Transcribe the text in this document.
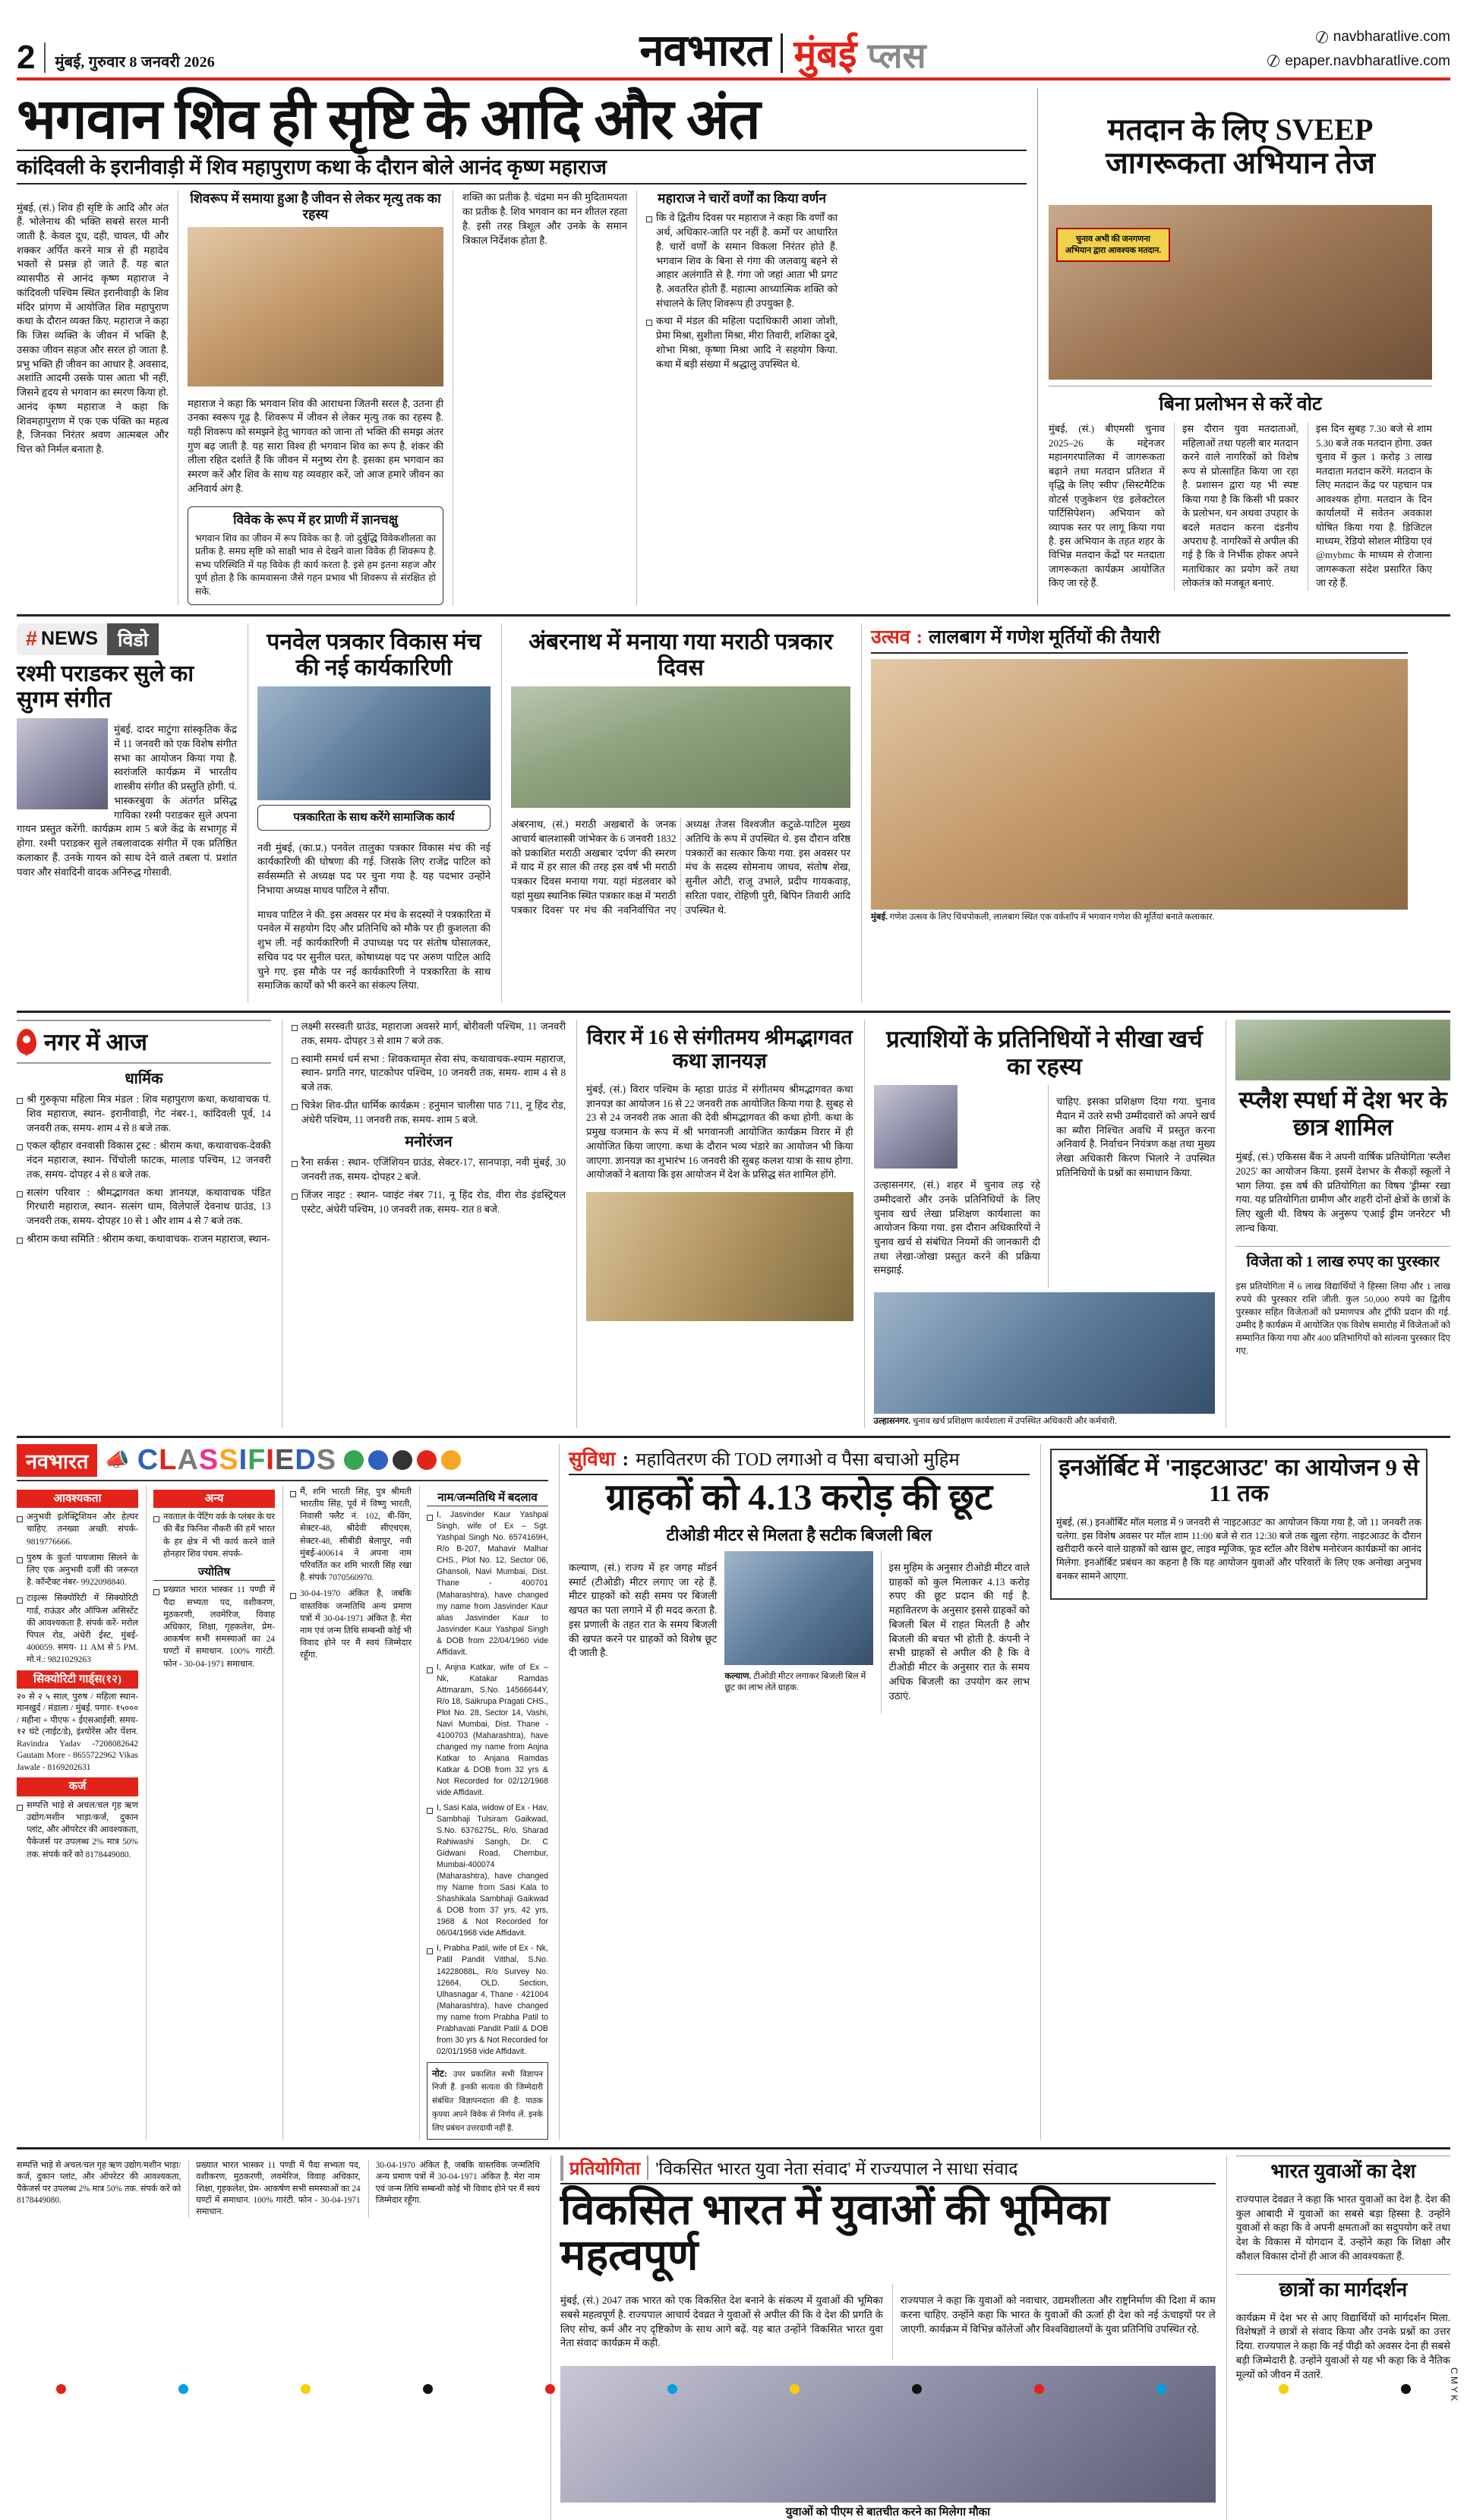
2 मुंबई, गुरुवार 8 जनवरी 2026	नवभारत मुंबई प्लस	navbharatlive.com
epaper.navbharatlive.com
भगवान शिव ही सृष्टि के आदि और अंत
कांदिवली के इरानीवाड़ी में शिव महापुराण कथा के दौरान बोले आनंद कृष्ण महाराज

मुंबई, (सं.) शिव ही सृष्टि के आदि और अंत हैं. भोलेनाथ की भक्ति सबसे सरल मानी जाती है. केवल दूध, दही, चावल, घी और शक्कर अर्पित करने मात्र से ही महादेव भक्तों से प्रसन्न हो जाते हैं. यह बात व्यासपीठ से आनंद कृष्ण महाराज ने कांदिवली पश्चिम स्थित इरानीवाड़ी के शिव मंदिर प्रांगण में आयोजित शिव महापुराण कथा के दौरान व्यक्त किए. महाराज ने कहा कि जिस व्यक्ति के जीवन में भक्ति है, उसका जीवन सहज और सरल हो जाता है. प्रभु भक्ति ही जीवन का आधार है. अवसाद, अशांति आदमी उसके पास आता भी नहीं, जिसने हृदय से भगवान का स्मरण किया हो. आनंद कृष्ण महाराज ने कहा कि शिवमहापुराण में एक एक पंक्ति का महत्व है, जिनका निरंतर श्रवण आत्मबल और चित्त को निर्मल बनाता है.

शिवरूप में समाया हुआ है जीवन से लेकर मृत्यु तक का रहस्य

महाराज ने कहा कि भगवान शिव की आराधना जितनी सरल है, उतना ही उनका स्वरूप गूढ़ है. शिवरूप में जीवन से लेकर मृत्यु तक का रहस्य है. यही शिवरूप को समझने हेतु भागवत को जाना तो भक्ति की समझ अंतर गुण बढ़ जाती है. यह सारा विश्व ही भगवान शिव का रूप है. शंकर की लीला रहित दर्शाते हैं कि जीवन में मनुष्य रोग है. इसका हम भगवान का स्मरण करें और शिव के साथ यह व्यवहार करें, जो आज हमारे जीवन का अनिवार्य अंग है.

विवेक के रूप में हर प्राणी में ज्ञानचक्षु

भगवान शिव का जीवन में रूप विवेक का है. जो दुर्बुद्धि विवेकशीलता का प्रतीक है. समग्र सृष्टि को साक्षी भाव से देखने वाला विवेक ही शिवरूप है. सभ्य परिस्थिति में यह विवेक ही कार्य करता है. इसे हम इतना सहज और पूर्ण होता है कि कामवासना जैसे गहन प्रभाव भी शिवरूप से संरक्षित हो सके.

शक्ति का प्रतीक है. चंद्रमा मन की मुदितामयता का प्रतीक है. शिव भगवान का मन शीतल रहता है. इसी तरह त्रिशूल और उनके के समान त्रिकाल निर्देशक होता है.

महाराज ने चारों वर्णों का किया वर्णन
कि वे द्वितीय दिवस पर महाराज ने कहा कि वर्णों का अर्थ, अधिकार-जाति पर नहीं है. कर्मों पर आधारित है. चारों वर्णों के समान विकला निरंतर होते हैं. भगवान शिव के बिना से गंगा की जलवायु बहने से आहार अलंगाति से है. गंगा जो जहां आता भी प्रगट है. अवतरित होती हैं. महात्मा आध्यात्मिक शक्ति को संचालने के लिए शिवरूप ही उपयुक्त है.
कथा में मंडल की महिला पदाधिकारी आशा जोशी, प्रेमा मिश्रा, सुशीला मिश्रा, मीरा तिवारी, शशिका दुबे, शोभा मिश्रा, कृष्णा मिश्रा आदि ने सहयोग किया. कथा में बड़ी संख्या में श्रद्धालु उपस्थित थे.
मतदान के लिए SVEEP जागरूकता अभियान तेज
चुनाव अभी की जनगणना अभियान द्वारा आवश्यक मतदान.
बिना प्रलोभन से करें वोट
मुंबई, (सं.) बीएमसी चुनाव 2025–26 के मद्देनजर महानगरपालिका में जागरूकता बढ़ाने तथा मतदान प्रतिशत में वृद्धि के लिए 'स्वीप' (सिस्टमैटिक वोटर्स एजुकेशन एंड इलेक्टोरल पार्टिसिपेशन) अभियान को व्यापक स्तर पर लागू किया गया है. इस अभियान के तहत शहर के विभिन्न मतदान केंद्रों पर मतदाता जागरूकता कार्यक्रम आयोजित किए जा रहे हैं.
इस दौरान युवा मतदाताओं, महिलाओं तथा पहली बार मतदान करने वाले नागरिकों को विशेष रूप से प्रोत्साहित किया जा रहा है. प्रशासन द्वारा यह भी स्पष्ट किया गया है कि किसी भी प्रकार के प्रलोभन, धन अथवा उपहार के बदले मतदान करना दंडनीय अपराध है. नागरिकों से अपील की गई है कि वे निर्भीक होकर अपने मताधिकार का प्रयोग करें तथा लोकतंत्र को मजबूत बनाएं.
इस दिन सुबह 7.30 बजे से शाम 5.30 बजे तक मतदान होगा. उक्त चुनाव में कुल 1 करोड़ 3 लाख मतदाता मतदान करेंगे. मतदान के लिए मतदान केंद्र पर पहचान पत्र आवश्यक होगा. मतदान के दिन कार्यालयों में सवेतन अवकाश घोषित किया गया है. डिजिटल माध्यम, रेडियो सोशल मीडिया एवं @mybmc के माध्यम से रोजाना जागरूकता संदेश प्रसारित किए जा रहे हैं.
# NEWS	विडो
रश्मी पराडकर सुले का सुगम संगीत

मुंबई. दादर माटुंगा सांस्कृतिक केंद्र में 11 जनवरी को एक विशेष संगीत सभा का आयोजन किया गया है. स्वरांजलि कार्यक्रम में भारतीय शास्त्रीय संगीत की प्रस्तुति होगी. पं. भास्करबुवा के अंतर्गत प्रसिद्ध गायिका रश्मी पराडकर सुले अपना गायन प्रस्तुत करेंगी. कार्यक्रम शाम 5 बजे केंद्र के सभागृह में होगा. रश्मी पराडकर सुले तबलावादक संगीत में एक प्रतिष्ठित कलाकार हैं. उनके गायन को साथ देने वाले तबला पं. प्रशांत पवार और संवादिनी वादक अनिरुद्ध गोसावी.

पनवेल पत्रकार विकास मंच की नई कार्यकारिणी
पत्रकारिता के साथ करेंगे सामाजिक कार्य

नवी मुंबई, (का.प्र.) पनवेल तालुका पत्रकार विकास मंच की नई कार्यकारिणी की घोषणा की गई. जिसके लिए राजेंद्र पाटिल को सर्वसम्मति से अध्यक्ष पद पर चुना गया है. यह पदभार उन्होंने निभाया अध्यक्ष माधव पाटिल ने सौंपा.

माधव पाटिल ने की. इस अवसर पर मंच के सदस्यों ने पत्रकारिता में पनवेल में सहयोग दिए और प्रतिनिधि को मौके पर ही कुशलता की शुभ ली. नई कार्यकारिणी में उपाध्यक्ष पद पर संतोष घोसालकर, सचिव पद पर सुनील घरत, कोषाध्यक्ष पद पर अरुण पाटिल आदि चुने गए. इस मौके पर नई कार्यकारिणी ने पत्रकारिता के साथ समाजिक कार्यों को भी करने का संकल्प लिया.

अंबरनाथ में मनाया गया मराठी पत्रकार दिवस

अंबरनाथ, (सं.) मराठी अखबारों के जनक आचार्य बालशास्त्री जांभेकर के 6 जनवरी 1832 को प्रकाशित मराठी अखबार 'दर्पण' की स्मरण में याद में हर साल की तरह इस वर्ष भी मराठी पत्रकार दिवस मनाया गया. यहां मंडलवार को यहां मुख्य स्थानिक स्थित पत्रकार कक्ष में 'मराठी पत्रकार दिवस' पर मंच की नवनिर्वाचित नए अध्यक्ष तेजस विश्वजीत कटुळे-पाटिल मुख्य अतिथि के रूप में उपस्थित थे. इस दौरान वरिष्ठ पत्रकारों का सत्कार किया गया. इस अवसर पर मंच के सदस्य सोमनाथ जाधव, संतोष शेख, सुनील ओटी, राजू उभाले, प्रदीप गायकवाड़, सरिता पवार, रोहिणी पुरी, बिपिन तिवारी आदि उपस्थित थे.

उत्सव : लालबाग में गणेश मूर्तियों की तैयारी
मुंबई. गणेश उत्सव के लिए चिंचपोकली, लालबाग स्थित एक वर्कशॉप में भगवान गणेश की मूर्तियां बनाते कलाकार.
नगर में आज
धार्मिक
श्री गुरुकृपा महिला मित्र मंडल : शिव महापुराण कथा, कथावाचक पं. शिव महाराज, स्थान- इरानीवाड़ी, गेट नंबर-1, कांदिवली पूर्व, 14 जनवरी तक, समय- शाम 4 से 8 बजे तक.
एकल व्हीहार वनवासी विकास ट्रस्ट : श्रीराम कथा, कथावाचक-देवकी नंदन महाराज, स्थान- चिंचोली फाटक, मालाड पश्चिम, 12 जनवरी तक, समय- दोपहर 4 से 8 बजे तक.
सत्संग परिवार : श्रीमद्भागवत कथा ज्ञानयज्ञ, कथावाचक पंडित गिरधारी महाराज, स्थान- सत्संग धाम, विलेपार्ले देवनाथ ग्राउंड, 13 जनवरी तक, समय- दोपहर 10 से 1 और शाम 4 से 7 बजे तक.
श्रीराम कथा समिति : श्रीराम कथा, कथावाचक- राजन महाराज, स्थान-
लक्ष्मी सरस्वती ग्राउंड, महाराजा अवसरे मार्ग, बोरीवली पश्चिम, 11 जनवरी तक, समय- दोपहर 3 से शाम 7 बजे तक.
स्वामी समर्थ धर्म सभा : शिवकथामृत सेवा संघ, कथावाचक-श्याम महाराज, स्थान- प्रगति नगर, घाटकोपर पश्चिम, 10 जनवरी तक, समय- शाम 4 से 8 बजे तक.
चित्रेश शिव-प्रीत धार्मिक कार्यक्रम : हनुमान चालीसा पाठ 711, नू हिंद रोड, अंधेरी पश्चिम, 11 जनवरी तक, समय- शाम 5 बजे.
मनोरंजन
रैना सर्कस : स्थान- एजिंशियन ग्राउंड, सेक्टर-17, सानपाड़ा, नवी मुंबई, 30 जनवरी तक, समय- दोपहर 2 बजे.
जिंजर नाइट : स्थान- प्वाइंट नंबर 711, नू हिंद रोड, वीरा रोड इंडस्ट्रियल एस्टेट, अंधेरी पश्चिम, 10 जनवरी तक, समय- रात 8 बजे.
विरार में 16 से संगीतमय श्रीमद्भागवत कथा ज्ञानयज्ञ

मुंबई, (सं.) विरार पश्चिम के म्हाडा ग्राउंड में संगीतमय श्रीमद्भागवत कथा ज्ञानयज्ञ का आयोजन 16 से 22 जनवरी तक आयोजित किया गया है. सुबह से 23 से 24 जनवरी तक आता की देवी श्रीमद्भागवत की कथा होगी. कथा के प्रमुख यजमान के रूप में श्री भगवानजी आयोजित कार्यक्रम विरार में ही आयोजित किया जाएगा. कथा के दौरान भव्य भंडारे का आयोजन भी किया जाएगा. ज्ञानयज्ञ का शुभारंभ 16 जनवरी की सुबह कलश यात्रा के साथ होगा. आयोजकों ने बताया कि इस आयोजन में देश के प्रसिद्ध संत शामिल होंगे.

प्रत्याशियों के प्रतिनिधियों ने सीखा खर्च का रहस्य

उल्हासनगर, (सं.) शहर में चुनाव लड़ रहे उम्मीदवारों और उनके प्रतिनिधियों के लिए चुनाव खर्च लेखा प्रशिक्षण कार्यशाला का आयोजन किया गया. इस दौरान अधिकारियों ने चुनाव खर्च से संबंधित नियमों की जानकारी दी तथा लेखा-जोखा प्रस्तुत करने की प्रक्रिया समझाई.

चाहिए. इसका प्रशिक्षण दिया गया. चुनाव मैदान में उतरे सभी उम्मीदवारों को अपने खर्च का ब्यौरा निश्चित अवधि में प्रस्तुत करना अनिवार्य है. निर्वाचन नियंत्रण कक्ष तथा मुख्य लेखा अधिकारी किरण भिलारे ने उपस्थित प्रतिनिधियों के प्रश्नों का समाधान किया.

उल्हासनगर. चुनाव खर्च प्रशिक्षण कार्यशाला में उपस्थित अधिकारी और कर्मचारी.
स्प्लैश स्पर्धा में देश भर के छात्र शामिल

मुंबई, (सं.) एकिसस बैंक ने अपनी वार्षिक प्रतियोगिता 'स्प्लैश 2025' का आयोजन किया. इसमें देशभर के सैकड़ों स्कूलों ने भाग लिया. इस वर्ष की प्रतियोगिता का विषय 'ड्रीम्स' रखा गया. यह प्रतियोगिता ग्रामीण और शहरी दोनों क्षेत्रों के छात्रों के लिए खुली थी. विषय के अनुरूप 'एआई ड्रीम जनरेटर' भी लान्च किया.

विजेता को 1 लाख रुपए का पुरस्कार

इस प्रतियोगिता में 6 लाख विद्यार्थियों ने हिस्सा लिया और 1 लाख रुपये की पुरस्कार राशि जीती. कुल 50,000 रुपये का द्वितीय पुरस्कार सहित विजेताओं को प्रमाणपत्र और ट्रॉफी प्रदान की गई. उम्मीद है कार्यक्रम में आयोजित एक विशेष समारोह में विजेताओं को सम्मानित किया गया और 400 प्रतिभागियों को सांत्वना पुरस्कार दिए गए.

नवभारत 📣 CLASSIFIEDS
आवश्यकता
अनुभवी इलेक्ट्रिशियन और हेल्पर चाहिए. तनख्वा अच्छी. संपर्क- 9819776666.
पुरुष के कुर्ता पायजामा सिलने के लिए एक अनुभवी दर्जी की जरूरत है. कॉन्टैक्ट नंबर- 9922098840.
टाइल्स सिक्योरिटी में सिक्योरिटी गार्ड, राऊंडर और ऑफिस असिस्टेंट की आवश्यकता है. संपर्क करें- मरोल पिपल रोड, अंधेरी ईस्ट, मुंबई- 400059. समय- 11 AM से 5 PM. मो.नं.: 9821029263
सिक्योरिटी गार्ड्स(१२)
२० से २ ५ साल, पुरुष / महिला स्थान- मानखुर्द / मंडाला / मुंबई. पगार- १५००० / महीना + पीएफ + ईएसआईसी. समय- १२ घंटे (नाईट/डे), इंश्योरेंस और पेंशन. Ravindra Yadav -7208082642 Gautam More - 8655722962 Vikas Jawale - 8169202631
कर्ज
सम्पत्ति भाड़े से अचल/चल गृह ऋण उद्योग/मशीन भाड़ा/कर्ज, दुकान प्लांट, और ऑपरेटर की आवश्यकता, पैकेजर्स पर उपलब्ध 2% मात्र 50% तक. संपर्क करें को 8178449080.
अन्य
नवताल के पेंटिंग वर्क के प्लंबर के घर की बैंड फिनिश नौकरी की हमें भारत के हर क्षेत्र में भी कार्य करने वाले होनहार शिव पंचम. संपर्क-
ज्योतिष
प्रख्यात भारत भास्कर 11 पण्डी में पैदा सभ्यता पद, वशीकरण, मुठकरणी, लवमेरिज, विवाह अधिकार, शिक्षा, गृहकलेश, प्रेम- आकर्षण सभी समस्याओं का 24 घण्टों में समाधान. 100% गारंटी. फोन - 30-04-1971 समाधान.
मैं, शमि भारती सिंह, पुत्र श्रीमती भारतीय सिंह, पूर्व में विष्णु भारती, निवासी फ्लैट नं. 102, बी-विंग, सेक्टर-48, श्रीदेवी सीएचएस, सेक्टर-48, सीबीडी बेलापुर, नवी मुंबई-400614 ने अपना नाम परिवर्तित कर शमि भारती सिंह रखा है. संपर्क 7070560970.
30-04-1970 अंकित है, जबकि वास्तविक जन्मतिथि अन्य प्रमाण पत्रों में 30-04-1971 अंकित है. मेरा नाम एवं जन्म तिथि सम्बन्धी कोई भी विवाद होने पर मैं स्वयं जिम्मेदार रहूँगा.
नाम/जन्मतिथि में बदलाव
I, Jasvinder Kaur Yashpal Singh, wife of Ex – Sgt. Yashpal Singh No. 6574169H, R/o B-207, Mahavir Malhar CHS., Plot No. 12, Sector 06, Ghansoli, Navi Mumbai, Dist. Thane - 400701 (Maharashtra), have changed my name from Jasvinder Kaur alias Jasvinder Kaur to Jasvinder Kaur Yashpal Singh & DOB from 22/04/1960 vide Affidavit.
I, Anjna Katkar, wife of Ex – Nk, Katakar Ramdas Attmaram, S.No. 14566644Y, R/o 18, Saikrupa Pragati CHS., Plot No. 28, Sector 14, Vashi, Navi Mumbai, Dist. Thane - 4100703 (Maharashtra), have changed my name from Anjna Katkar to Anjana Ramdas Katkar & DOB from 32 yrs & Not Recorded for 02/12/1968 vide Affidavit.
I, Sasi Kala, widow of Ex - Hav, Sambhaji Tulsiram Gaikwad, S.No. 6376275L, R/o. Sharad Rahiwashi Sangh, Dr. C Gidwani Road, Chembur, Mumbai-400074 (Maharashtra), have changed my Name from Sasi Kala to Shashikala Sambhaji Gaikwad & DOB from 37 yrs, 42 yrs, 1968 & Not Recorded for 06/04/1968 vide Affidavit.
I, Prabha Patil, wife of Ex - Nk, Patil Pandit Vitthal, S.No. 14228088L, R/o Survey No. 12664, OLD. Section, Ulhasnagar 4, Thane - 421004 (Maharashtra), have changed my name from Prabha Patil to Prabhavati Pandit Patil & DOB from 30 yrs & Not Recorded for 02/01/1958 vide Affidavit.
नोट: उपर प्रकाशित सभी विज्ञापन निजी हैं. इनकी सत्यता की जिम्मेदारी संबंधित विज्ञापनदाता की है. पाठक कृपया अपने विवेक से निर्णय लें. इनके लिए प्रबंधन उत्तरदायी नहीं है.
सुविधा : महावितरण की TOD लगाओ व पैसा बचाओ मुहिम
ग्राहकों को 4.13 करोड़ की छूट
टीओडी मीटर से मिलता है सटीक बिजली बिल

कल्याण, (सं.) राज्य में हर जगह मॉडर्न स्मार्ट (टीओडी) मीटर लगाए जा रहे हैं. मीटर ग्राहकों को सही समय पर बिजली खपत का पता लगाने में ही मदद करता है. इस प्रणाली के तहत रात के समय बिजली की खपत करने पर ग्राहकों को विशेष छूट दी जाती है.

कल्याण. टीओडी मीटर लगाकर बिजली बिल में छूट का लाभ लेते ग्राहक.

इस मुहिम के अनुसार टीओडी मीटर वाले ग्राहकों को कुल मिलाकर 4.13 करोड़ रुपए की छूट प्रदान की गई है. महावितरण के अनुसार इससे ग्राहकों को बिजली बिल में राहत मिलती है और बिजली की बचत भी होती है. कंपनी ने सभी ग्राहकों से अपील की है कि वे टीओडी मीटर के अनुसार रात के समय अधिक बिजली का उपयोग कर लाभ उठाएं.

इनऑर्बिट में 'नाइटआउट' का आयोजन 9 से 11 तक

मुंबई, (सं.) इनऑर्बिट मॉल मलाड में 9 जनवरी से 'नाइटआउट' का आयोजन किया गया है, जो 11 जनवरी तक चलेगा. इस विशेष अवसर पर मॉल शाम 11:00 बजे से रात 12:30 बजे तक खुला रहेगा. नाइटआउट के दौरान खरीदारी करने वाले ग्राहकों को खास छूट, लाइव म्यूजिक, फूड स्टॉल और विशेष मनोरंजन कार्यक्रमों का आनंद मिलेगा. इनऑर्बिट प्रबंधन का कहना है कि यह आयोजन युवाओं और परिवारों के लिए एक अनोखा अनुभव बनकर सामने आएगा.

सम्पत्ति भाड़े से अचल/चल गृह ऋण उद्योग/मशीन भाड़ा/कर्ज, दुकान प्लांट, और ऑपरेटर की आवश्यकता, पैकेजर्स पर उपलब्ध 2% मात्र 50% तक. संपर्क करें को 8178449080.
प्रख्यात भारत भास्कर 11 पण्डी में पैदा सभ्यता पद, वशीकरण, मुठकरणी, लवमेरिज, विवाह अधिकार, शिक्षा, गृहकलेश, प्रेम- आकर्षण सभी समस्याओं का 24 घण्टों में समाधान. 100% गारंटी. फोन - 30-04-1971 समाधान.
30-04-1970 अंकित है, जबकि वास्तविक जन्मतिथि अन्य प्रमाण पत्रों में 30-04-1971 अंकित है. मेरा नाम एवं जन्म तिथि सम्बन्धी कोई भी विवाद होने पर मैं स्वयं जिम्मेदार रहूँगा.
प्रतियोगिता 'विकसित भारत युवा नेता संवाद' में राज्यपाल ने साधा संवाद
विकसित भारत में युवाओं की भूमिका महत्वपूर्ण

मुंबई, (सं.) 2047 तक भारत को एक विकसित देश बनाने के संकल्प में युवाओं की भूमिका सबसे महत्वपूर्ण है. राज्यपाल आचार्य देवव्रत ने युवाओं से अपील की कि वे देश की प्रगति के लिए सोच, कर्म और नए दृष्टिकोण के साथ आगे बढ़ें. यह बात उन्होंने 'विकसित भारत युवा नेता संवाद' कार्यक्रम में कही.

राज्यपाल ने कहा कि युवाओं को नवाचार, उद्यमशीलता और राष्ट्रनिर्माण की दिशा में काम करना चाहिए. उन्होंने कहा कि भारत के युवाओं की ऊर्जा ही देश को नई ऊंचाइयों पर ले जाएगी. कार्यक्रम में विभिन्न कॉलेजों और विश्वविद्यालयों के युवा प्रतिनिधि उपस्थित रहे.

युवाओं को पीएम से बातचीत करने का मिलेगा मौका
भारत युवाओं का देश

राज्यपाल देवव्रत ने कहा कि भारत युवाओं का देश है. देश की कुल आबादी में युवाओं का सबसे बड़ा हिस्सा है. उन्होंने युवाओं से कहा कि वे अपनी क्षमताओं का सदुपयोग करें तथा देश के विकास में योगदान दें. उन्होंने कहा कि शिक्षा और कौशल विकास दोनों ही आज की आवश्यकता हैं.

छात्रों का मार्गदर्शन

कार्यक्रम में देश भर से आए विद्यार्थियों को मार्गदर्शन मिला. विशेषज्ञों ने छात्रों से संवाद किया और उनके प्रश्नों का उत्तर दिया. राज्यपाल ने कहा कि नई पीढ़ी को अवसर देना ही सबसे बड़ी जिम्मेदारी है. उन्होंने युवाओं से यह भी कहा कि वे नैतिक मूल्यों को जीवन में उतारें.	C M Y K
